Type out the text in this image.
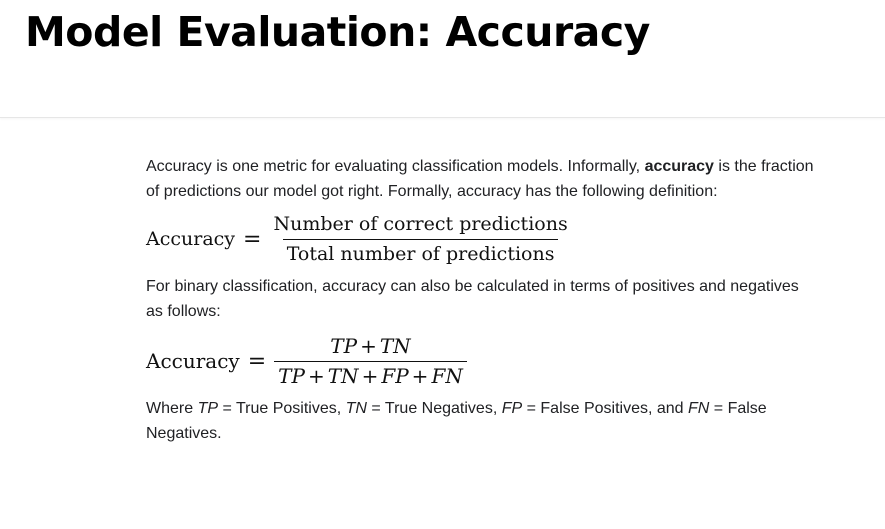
Model Evaluation: Accuracy

Accuracy is one metric for evaluating classification models. Informally, accuracy is the fraction of predictions our model got right. Formally, accuracy has the following definition:

Accuracy = $\frac{\text{Number of correct predictions}}{\text{Total number of predictions}}$

For binary classification, accuracy can also be calculated in terms of positives and negatives as follows:

Accuracy = $\frac{TP + TN}{TP + TN + FP + FN}$

Where TP = True Positives, TN = True Negatives, FP = False Positives, and FN = False Negatives.
